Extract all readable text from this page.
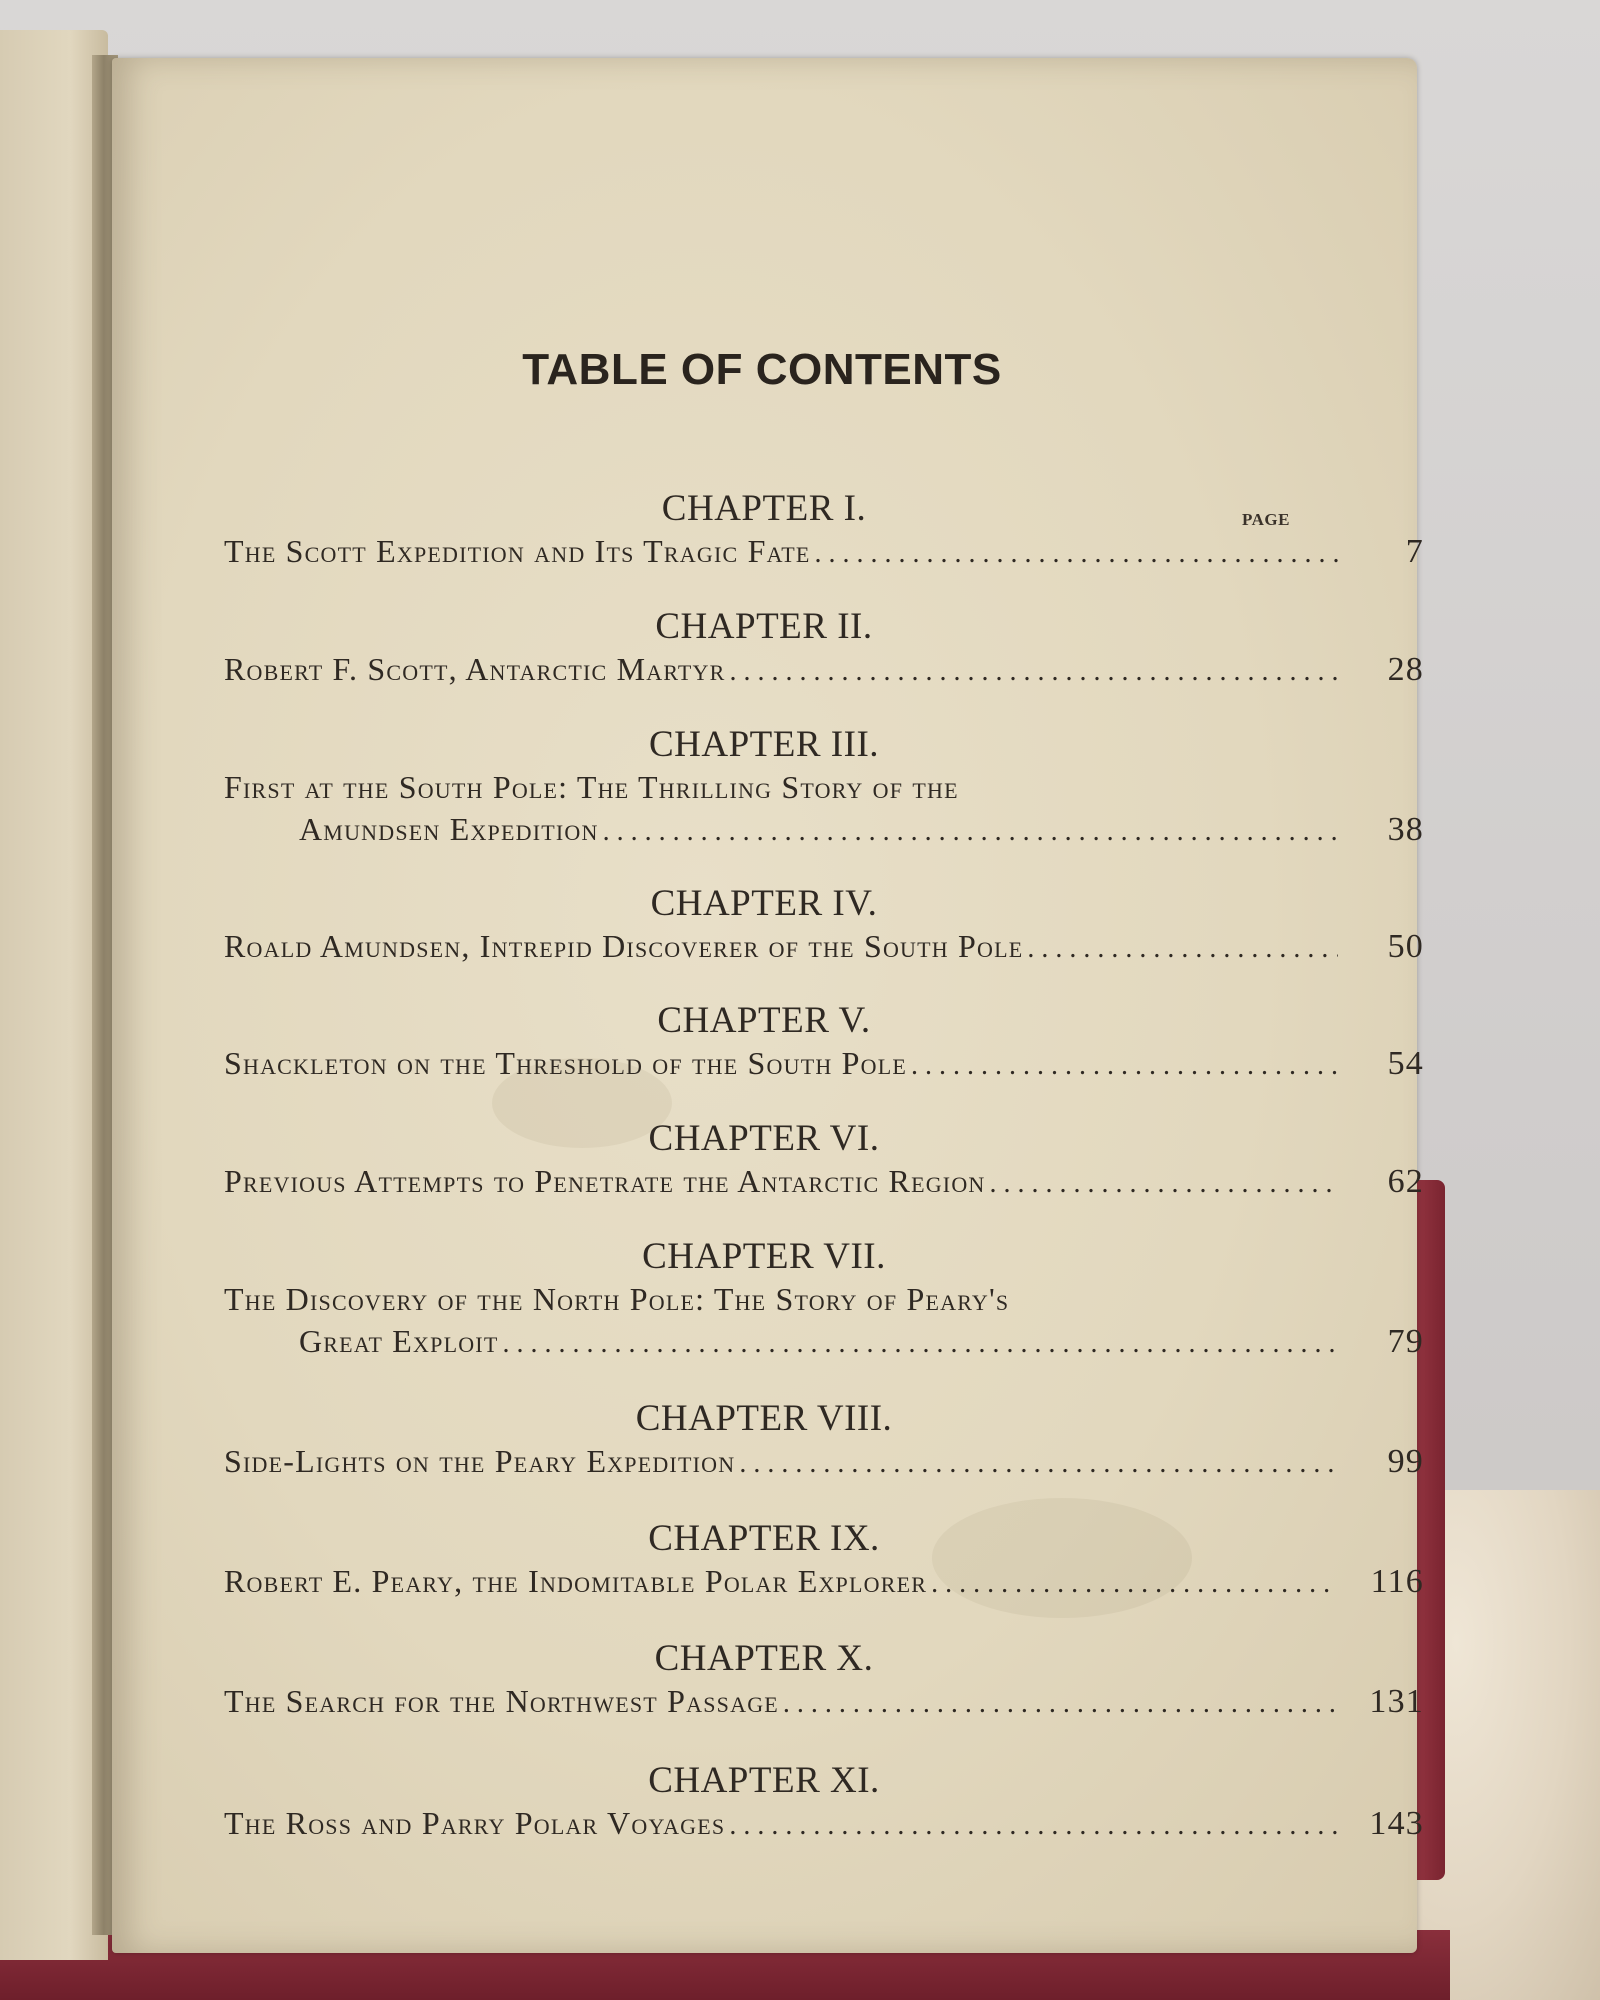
TABLE OF CONTENTS
PAGE
CHAPTER I.
The Scott Expedition and Its Tragic Fate . . .	7
CHAPTER II.
Robert F. Scott, Antarctic Martyr . . .	28
CHAPTER III.
First at the South Pole: The Thrilling Story of the
Amundsen Expedition . . .	38
CHAPTER IV.
Roald Amundsen, Intrepid Discoverer of the South Pole . . .	50
CHAPTER V.
Shackleton on the Threshold of the South Pole . . .	54
CHAPTER VI.
Previous Attempts to Penetrate the Antarctic Region . . .	62
CHAPTER VII.
The Discovery of the North Pole: The Story of Peary's
Great Exploit . . .	79
CHAPTER VIII.
Side-Lights on the Peary Expedition . . .	99
CHAPTER IX.
Robert E. Peary, the Indomitable Polar Explorer . . .	116
CHAPTER X.
The Search for the Northwest Passage . . .	131
CHAPTER XI.
The Ross and Parry Polar Voyages . . .	143
